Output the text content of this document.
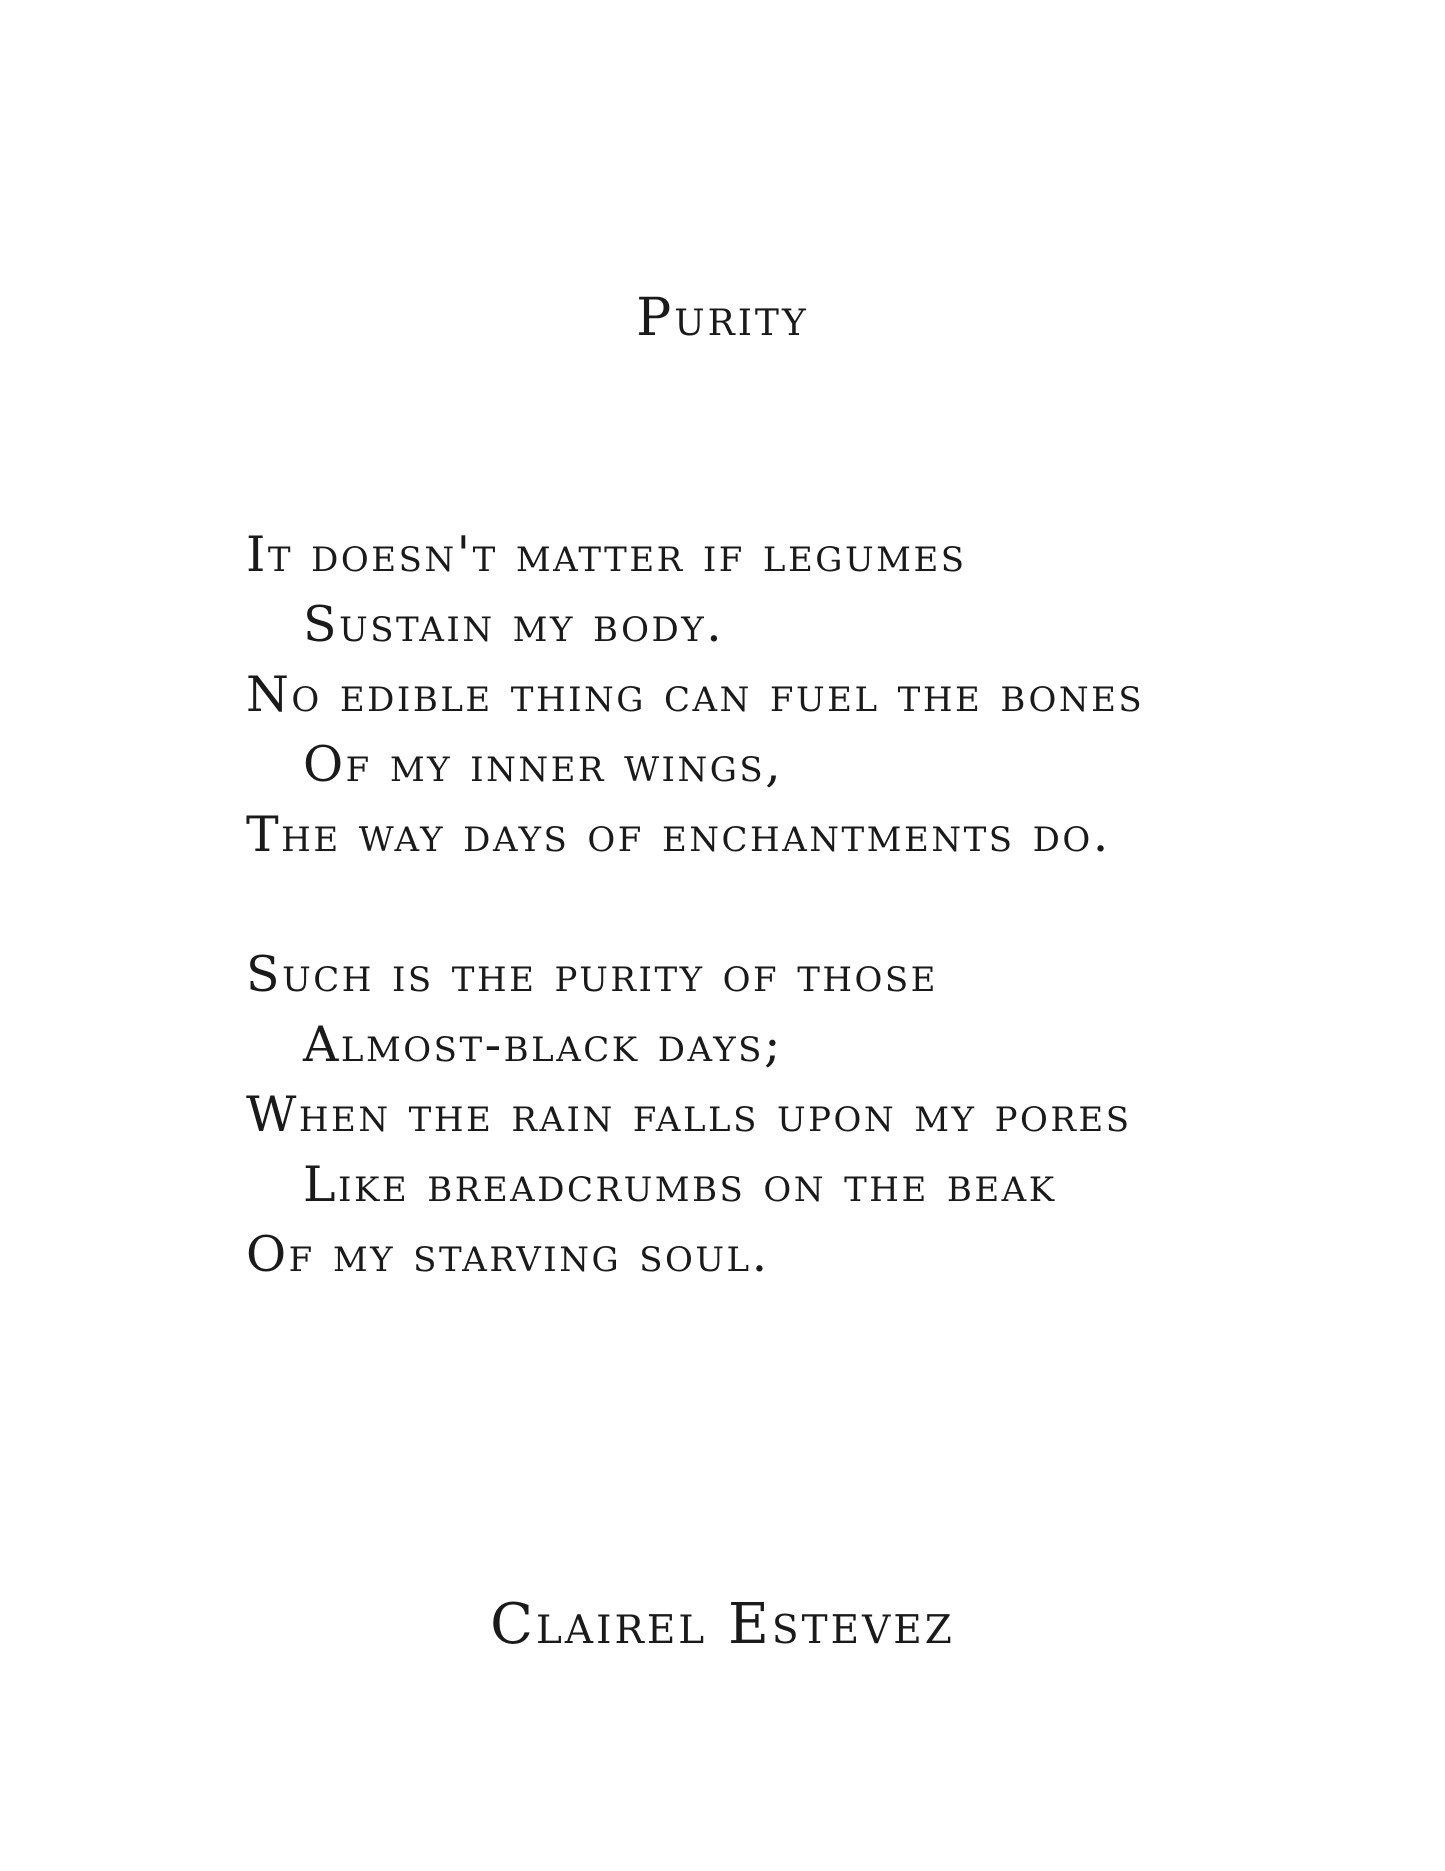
Purity
It doesn't matter if legumes
Sustain my body.
No edible thing can fuel the bones
Of my inner wings,
The way days of enchantments do.
Such is the purity of those
Almost-black days;
When the rain falls upon my pores
Like breadcrumbs on the beak
Of my starving soul.
Clairel Estevez
